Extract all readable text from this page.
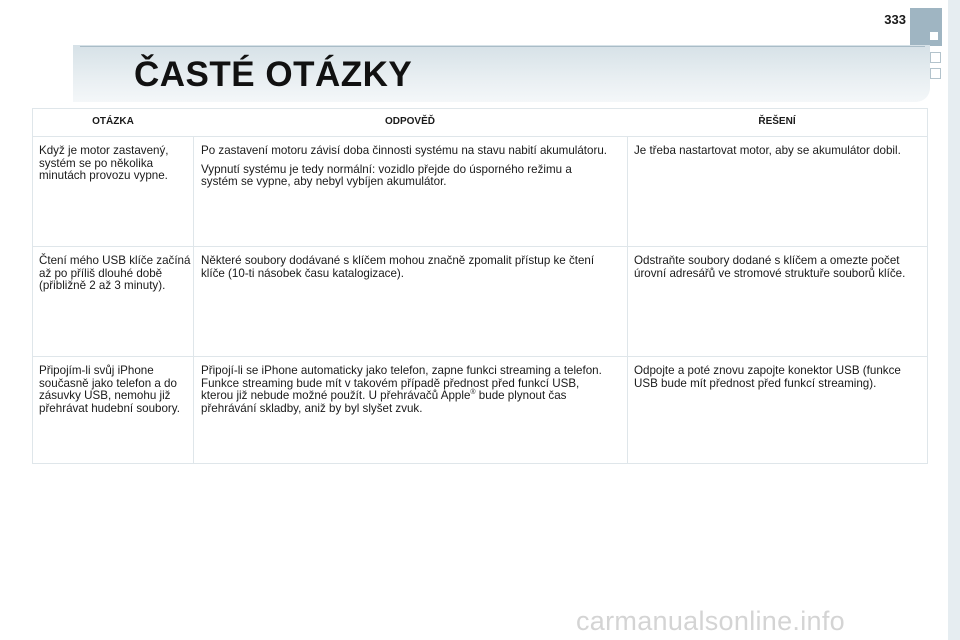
333
ČASTÉ OTÁZKY
OTÁZKA	ODPOVĚĎ	ŘEŠENÍ
Když je motor zastavený, systém se po několika minutách provozu vypne.

Po zastavení motoru závisí doba činnosti systému na stavu nabití akumulátoru.

Vypnutí systému je tedy normální: vozidlo přejde do úsporného režimu a systém se vypne, aby nebyl vybíjen akumulátor.

Je třeba nastartovat motor, aby se akumulátor dobil.
Čtení mého USB klíče začíná až po příliš dlouhé době (přibližně 2 až 3 minuty).
Některé soubory dodávané s klíčem mohou značně zpomalit přístup ke čtení klíče (10-ti násobek času katalogizace).
Odstraňte soubory dodané s klíčem a omezte počet úrovní adresářů ve stromové struktuře souborů klíče.
Připojím-li svůj iPhone současně jako telefon a do zásuvky USB, nemohu již přehrávat hudební soubory.
Připojí-li se iPhone automaticky jako telefon, zapne funkci streaming a telefon. Funkce streaming bude mít v takovém případě přednost před funkcí USB, kterou již nebude možné použít. U přehrávačů Apple® bude plynout čas přehrávání skladby, aniž by byl slyšet zvuk.
Odpojte a poté znovu zapojte konektor USB (funkce USB bude mít přednost před funkcí streaming).
carmanualsonline.info
